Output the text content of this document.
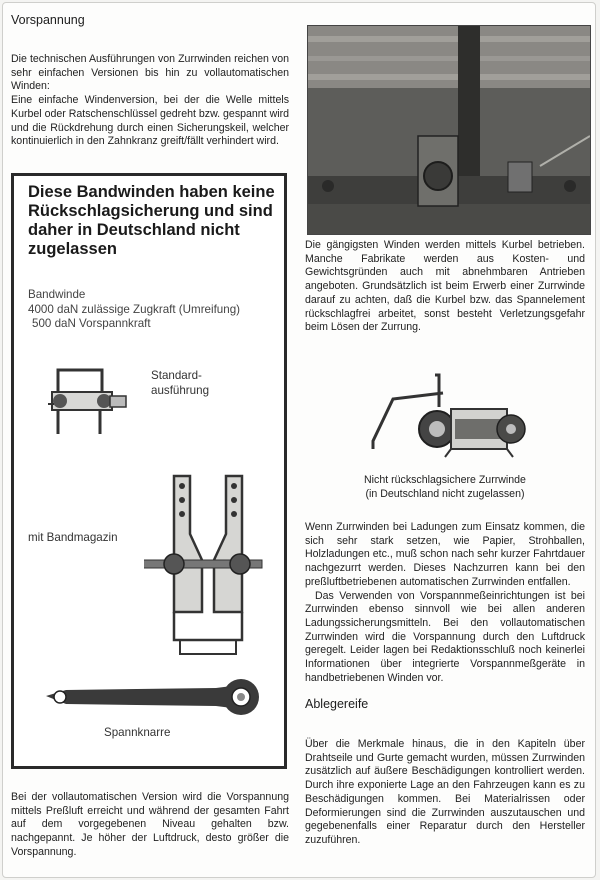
Vorspannung

Die technischen Ausführungen von Zurrwinden reichen von sehr einfachen Versionen bis hin zu vollautomatischen Winden:

Eine einfache Windenversion, bei der die Welle mittels Kurbel oder Ratschenschlüssel gedreht bzw. gespannt wird und die Rückdrehung durch einen Sicherungskeil, welcher kontinuierlich in den Zahnkranz greift/fällt verhindert wird.

Diese Bandwinden haben keine Rückschlagsicherung und sind daher in Deutschland nicht zugelassen
Bandwinde
4000 daN zulässige Zugkraft (Umreifung)
500 daN Vorspannkraft
Standard-
ausführung
mit Bandmagazin
Spannknarre

Bei der vollautomatischen Version wird die Vorspannung mittels Preßluft erreicht und während der gesamten Fahrt auf dem vorgegebenen Niveau gehalten bzw. nachgepannt. Je höher der Luftdruck, desto größer die Vorspannung.

Die gängigsten Winden werden mittels Kurbel betrieben. Manche Fabrikate werden aus Kosten- und Gewichtsgründen auch mit abnehmbaren Antrieben angeboten. Grundsätzlich ist beim Erwerb einer Zurrwinde darauf zu achten, daß die Kurbel bzw. das Spannelement rückschlagfrei arbeitet, sonst besteht Verletzungsgefahr beim Lösen der Zurrung.

Nicht rückschlagsichere Zurrwinde
(in Deutschland nicht zugelassen)

Wenn Zurrwinden bei Ladungen zum Einsatz kommen, die sich sehr stark setzen, wie Papier, Strohballen, Holzladungen etc., muß schon nach sehr kurzer Fahrtdauer nachgezurrt werden. Dieses Nachzurren kann bei den preßluftbetriebenen automatischen Zurrwinden entfallen.

Das Verwenden von Vorspannmeßeinrichtungen ist bei Zurrwinden ebenso sinnvoll wie bei allen anderen Ladungssicherungsmitteln. Bei den vollautomatischen Zurrwinden wird die Vorspannung durch den Luftdruck geregelt. Leider lagen bei Redaktionsschluß noch keinerlei Informationen über integrierte Vorspannmeßgeräte in handbetriebenen Winden vor.

Ablegereife

Über die Merkmale hinaus, die in den Kapiteln über Drahtseile und Gurte gemacht wurden, müssen Zurrwinden zusätzlich auf äußere Beschädigungen kontrolliert werden. Durch ihre exponierte Lage an den Fahrzeugen kann es zu Beschädigungen kommen. Bei Materialrissen oder Deformierungen sind die Zurrwinden auszutauschen und gegebenenfalls einer Reparatur durch den Hersteller zuzuführen.
